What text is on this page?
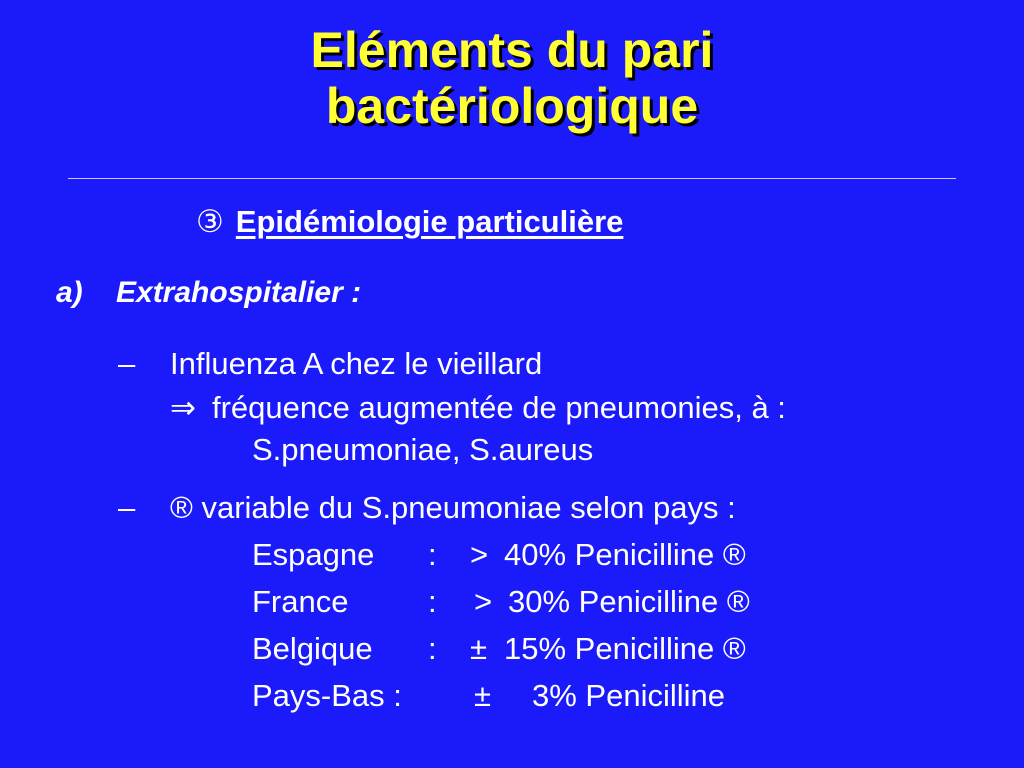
Eléments du pari
bactériologique
③ Epidémiologie particulière
a) Extrahospitalier :
– Influenza A chez le vieillard
⇒ fréquence augmentée de pneumonies, à :
S.pneumoniae, S.aureus
– ® variable du S.pneumoniae selon pays :
Espagne : > 40% Penicilline ®
France	: > 30% Penicilline ®
Belgique : ± 15% Penicilline ®
Pays-Bas : ± 3% Penicilline
